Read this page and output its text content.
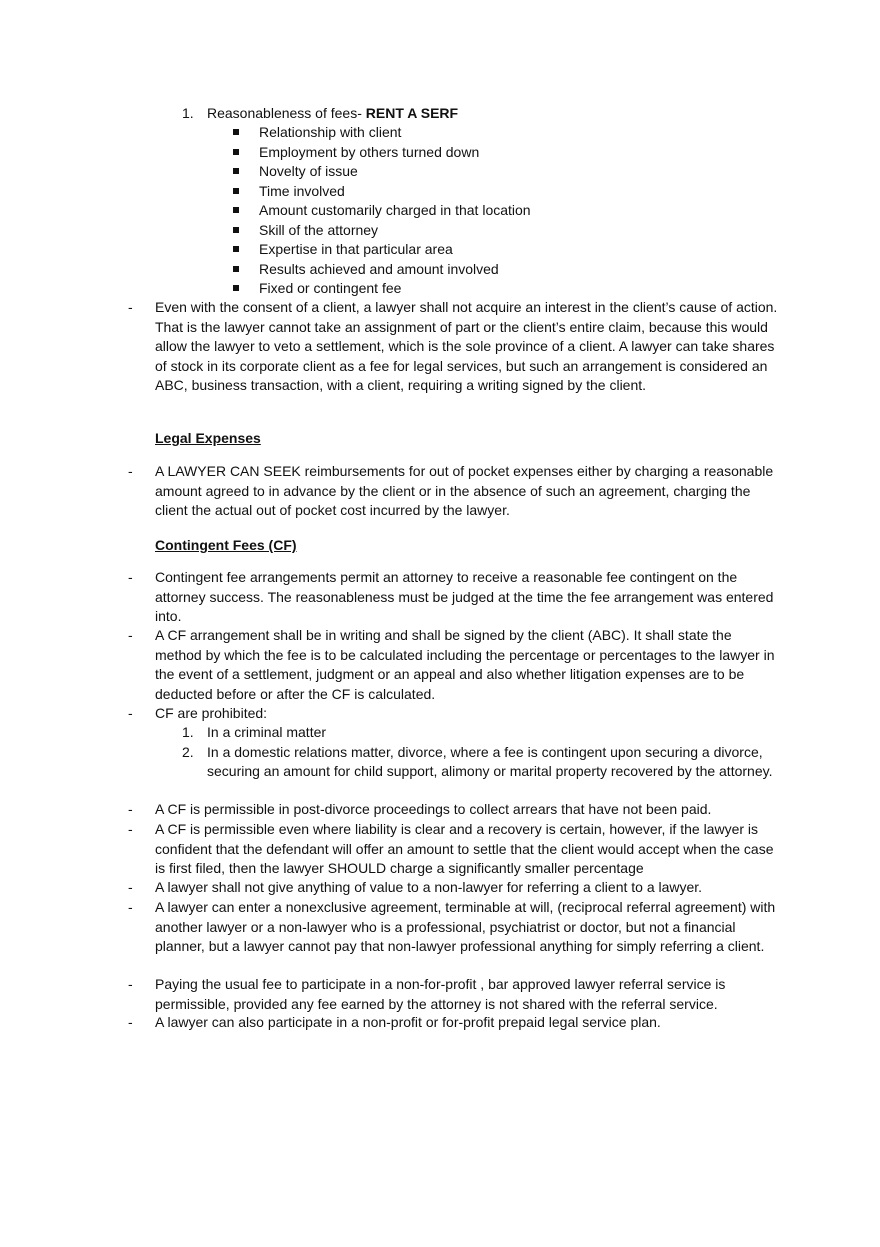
1. Reasonableness of fees- RENT A SERF
Relationship with client
Employment by others turned down
Novelty of issue
Time involved
Amount customarily charged in that location
Skill of the attorney
Expertise in that particular area
Results achieved and amount involved
Fixed or contingent fee
- Even with the consent of a client, a lawyer shall not acquire an interest in the client’s cause of action. That is the lawyer cannot take an assignment of part or the client’s entire claim, because this would allow the lawyer to veto a settlement, which is the sole province of a client. A lawyer can take shares of stock in its corporate client as a fee for legal services, but such an arrangement is considered an ABC, business transaction, with a client, requiring a writing signed by the client.
Legal Expenses
- A LAWYER CAN SEEK reimbursements for out of pocket expenses either by charging a reasonable amount agreed to in advance by the client or in the absence of such an agreement, charging the client the actual out of pocket cost incurred by the lawyer.
Contingent Fees (CF)
- Contingent fee arrangements permit an attorney to receive a reasonable fee contingent on the attorney success. The reasonableness must be judged at the time the fee arrangement was entered into.
- A CF arrangement shall be in writing and shall be signed by the client (ABC). It shall state the method by which the fee is to be calculated including the percentage or percentages to the lawyer in the event of a settlement, judgment or an appeal and also whether litigation expenses are to be deducted before or after the CF is calculated.
- CF are prohibited:
1. In a criminal matter
2. In a domestic relations matter, divorce, where a fee is contingent upon securing a divorce, securing an amount for child support, alimony or marital property recovered by the attorney.
- A CF is permissible in post-divorce proceedings to collect arrears that have not been paid.
- A CF is permissible even where liability is clear and a recovery is certain, however, if the lawyer is confident that the defendant will offer an amount to settle that the client would accept when the case is first filed, then the lawyer SHOULD charge a significantly smaller percentage
- A lawyer shall not give anything of value to a non-lawyer for referring a client to a lawyer.
- A lawyer can enter a nonexclusive agreement, terminable at will, (reciprocal referral agreement) with another lawyer or a non-lawyer who is a professional, psychiatrist or doctor, but not a financial planner, but a lawyer cannot pay that non-lawyer professional anything for simply referring a client.
- Paying the usual fee to participate in a non-for-profit , bar approved lawyer referral service is permissible, provided any fee earned by the attorney is not shared with the referral service.
- A lawyer can also participate in a non-profit or for-profit prepaid legal service plan.
